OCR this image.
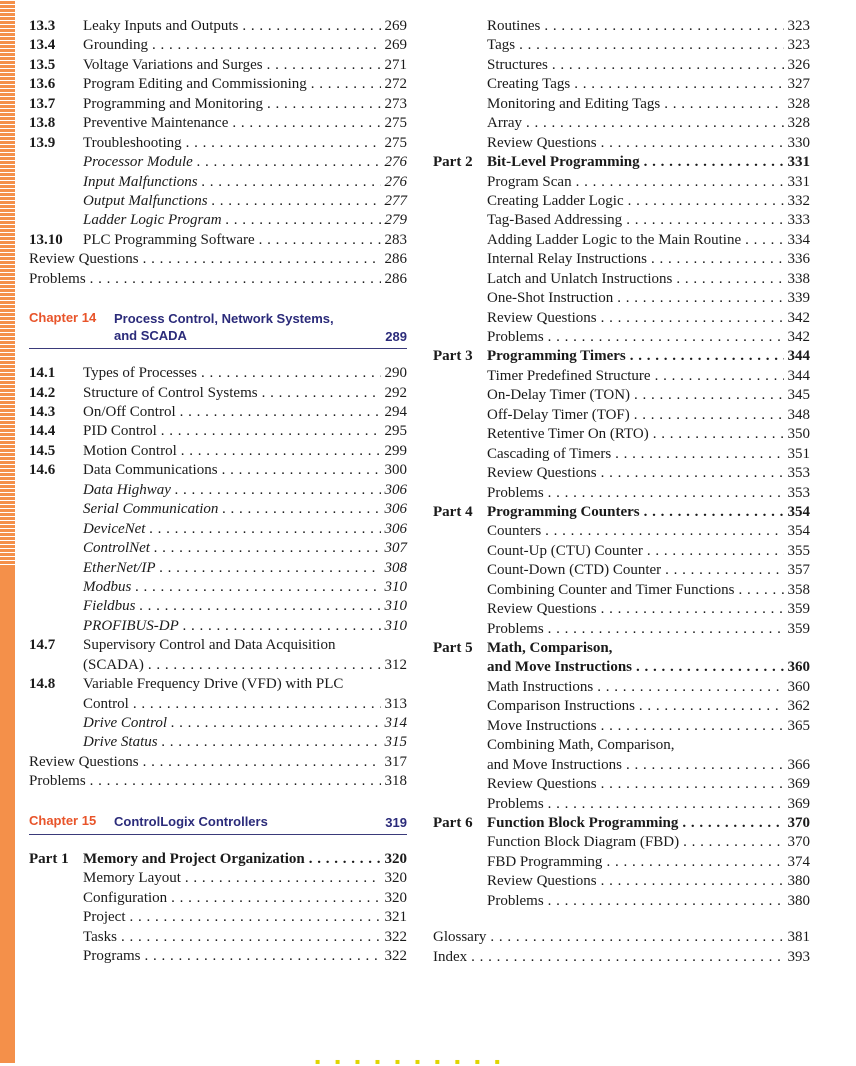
13.3	Leaky Inputs and Outputs . . .	269
13.4	Grounding . . .	269
13.5	Voltage Variations and Surges . . .	271
13.6	Program Editing and Commissioning . . .	272
13.7	Programming and Monitoring . . .	273
13.8	Preventive Maintenance . . .	275
13.9	Troubleshooting . . .	275
Processor Module . . .	276
Input Malfunctions . . .	276
Output Malfunctions . . .	277
Ladder Logic Program . . .	279
13.10	PLC Programming Software . . .	283
Review Questions . . .	286
Problems . . .	286
Chapter 14 Process Control, Network Systems, and SCADA	289
14.1	Types of Processes . . .	290
14.2	Structure of Control Systems . . .	292
14.3	On/Off Control . . .	294
14.4	PID Control . . .	295
14.5	Motion Control . . .	299
14.6	Data Communications . . .	300
Data Highway . . .	306
Serial Communication . . .	306
DeviceNet . . .	306
ControlNet . . .	307
EtherNet/IP . . .	308
Modbus . . .	310
Fieldbus . . .	310
PROFIBUS-DP . . .	310
14.7	Supervisory Control and Data Acquisition
(SCADA) . . .	312
14.8	Variable Frequency Drive (VFD) with PLC
Control . . .	313
Drive Control . . .	314
Drive Status . . .	315
Review Questions . . .	317
Problems . . .	318
Chapter 15 ControlLogix Controllers	319
Part 1 Memory and Project Organization . . .	320
Memory Layout . . .	320
Configuration . . .	320
Project . . .	321
Tasks . . .	322
Programs . . .	322
Routines . . .	323
Tags . . .	323
Structures . . .	326
Creating Tags . . .	327
Monitoring and Editing Tags . . .	328
Array . . .	328
Review Questions . . .	330
Part 2 Bit-Level Programming . . .	331
Program Scan . . .	331
Creating Ladder Logic . . .	332
Tag-Based Addressing . . .	333
Adding Ladder Logic to the Main Routine . . .	334
Internal Relay Instructions . . .	336
Latch and Unlatch Instructions . . .	338
One-Shot Instruction . . .	339
Review Questions . . .	342
Problems . . .	342
Part 3 Programming Timers . . .	344
Timer Predefined Structure . . .	344
On-Delay Timer (TON) . . .	345
Off-Delay Timer (TOF) . . .	348
Retentive Timer On (RTO) . . .	350
Cascading of Timers . . .	351
Review Questions . . .	353
Problems . . .	353
Part 4 Programming Counters . . .	354
Counters . . .	354
Count-Up (CTU) Counter . . .	355
Count-Down (CTD) Counter . . .	357
Combining Counter and Timer Functions . . .	358
Review Questions . . .	359
Problems . . .	359
Part 5 Math, Comparison,
and Move Instructions . . .	360
Math Instructions . . .	360
Comparison Instructions . . .	362
Move Instructions . . .	365
Combining Math, Comparison,
and Move Instructions . . .	366
Review Questions . . .	369
Problems . . .	369
Part 6 Function Block Programming . . .	370
Function Block Diagram (FBD) . . .	370
FBD Programming . . .	374
Review Questions . . .	380
Problems . . .	380
Glossary . . .	381
Index . . .	393
▪ ▪ ▪ ▪ ▪ ▪ ▪ ▪ ▪ ▪
